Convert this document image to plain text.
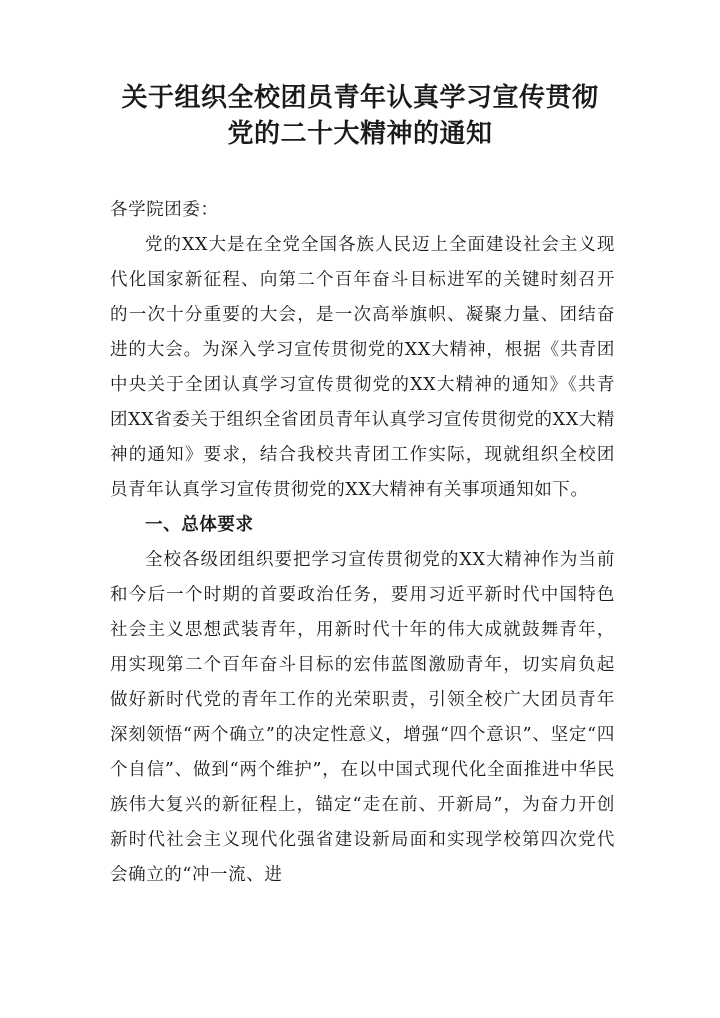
关于组织全校团员青年认真学习宣传贯彻
党的二十大精神的通知

各学院团委：

党的XX大是在全党全国各族人民迈上全面建设社会主义现代化国家新征程、向第二个百年奋斗目标进军的关键时刻召开的一次十分重要的大会，是一次高举旗帜、凝聚力量、团结奋进的大会。为深入学习宣传贯彻党的XX大精神，根据《共青团中央关于全团认真学习宣传贯彻党的XX大精神的通知》《共青团XX省委关于组织全省团员青年认真学习宣传贯彻党的XX大精神的通知》要求，结合我校共青团工作实际，现就组织全校团员青年认真学习宣传贯彻党的XX大精神有关事项通知如下。

一、总体要求

全校各级团组织要把学习宣传贯彻党的XX大精神作为当前和今后一个时期的首要政治任务，要用习近平新时代中国特色社会主义思想武装青年，用新时代十年的伟大成就鼓舞青年，用实现第二个百年奋斗目标的宏伟蓝图激励青年，切实肩负起做好新时代党的青年工作的光荣职责，引领全校广大团员青年深刻领悟“两个确立”的决定性意义，增强“四个意识”、坚定“四个自信”、做到“两个维护”，在以中国式现代化全面推进中华民族伟大复兴的新征程上，锚定“走在前、开新局”，为奋力开创新时代社会主义现代化强省建设新局面和实现学校第四次党代会确立的“冲一流、进
